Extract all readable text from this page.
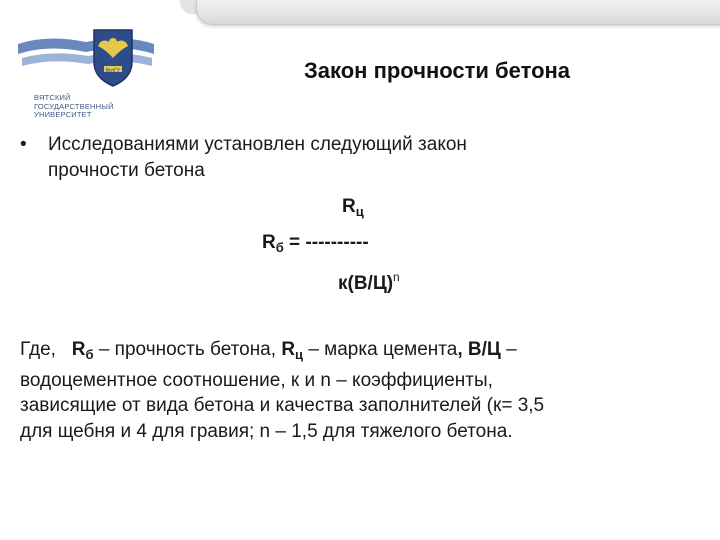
ВятГУ
ВЯТСКИЙ
ГОСУДАРСТВЕННЫЙ
УНИВЕРСИТЕТ
Закон прочности бетона
• Исследованиями установлен следующий закон
прочности бетона
$R_ц$
$R_б$ = ----------
$к(В/Ц)^n$
Где,   $R_б$ – прочность бетона, $R_ц$ – марка цемента, В/Ц –
водоцементное соотношение, к и n – коэффициенты,
зависящие от вида бетона и качества заполнителей (к= 3,5
для щебня и 4 для гравия; n – 1,5 для тяжелого бетона.
